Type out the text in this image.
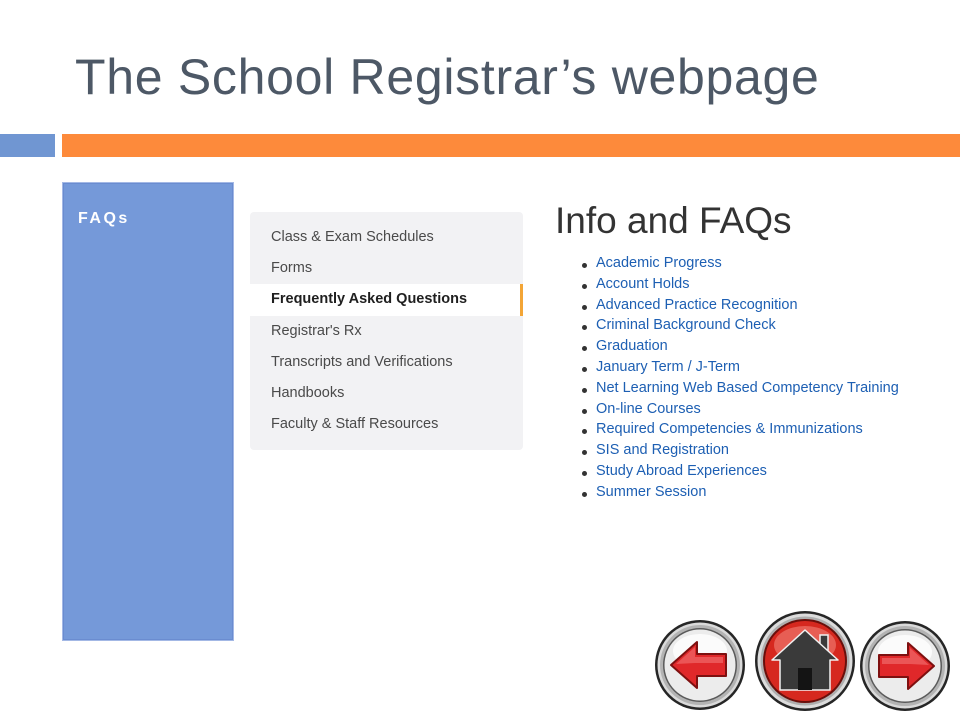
The School Registrar’s webpage
FAQs
Class & Exam Schedules
Forms
Frequently Asked Questions
Registrar's Rx
Transcripts and Verifications
Handbooks
Faculty & Staff Resources
Info and FAQs
Academic Progress
Account Holds
Advanced Practice Recognition
Criminal Background Check
Graduation
January Term / J-Term
Net Learning Web Based Competency Training
On-line Courses
Required Competencies & Immunizations
SIS and Registration
Study Abroad Experiences
Summer Session
